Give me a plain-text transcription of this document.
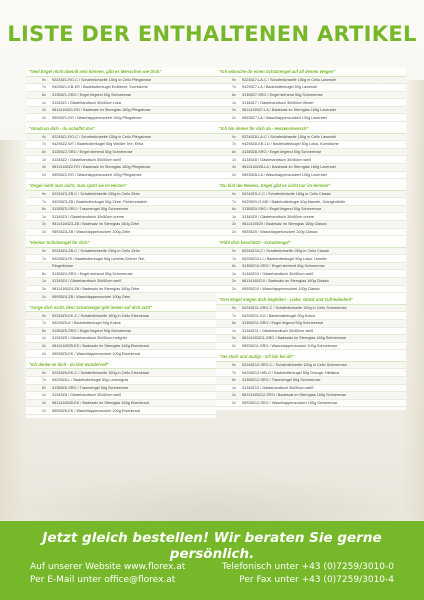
LISTE DER ENTHALTENEN ARTIKEL
"Weil Engel nicht überall sein können, gibt es Menschen wie Dich"
9x	92245Z1-RO-C / Schafmilchseife 150g in Cello Pfingstrose
7x	94295Z1-KB-ER / Badebutterkugel Erdbeere, Kornblume
8x	31355Z1-SRO / Engel liegend 50g Schneerose
1x	31345Z1 / Gästehandtuch 30x50cm rosa
3x	98114165Z1-RO / Badesalz im Sternglas 160g Pfingstrose
2x	95935Z1-RO / Waschlappenzuckerl 100g Pfingstrose
"Glaub an dich - du schaffst das"
9x	92245Z1-RO-C / Schafmilchseife 150g in Cello Pfingstrose
7x	94295Z2-WT / Badebutterkugel 50g Weißer Tee, Erika
8x	31355Z2-SRO / Engel stehend 50g Schneerose
1x	31345Z2 / Gästehandtuch 30x50cm weiß
3x	98114165Z2-RO / Badesalz im Sternglas 160g Pfingstrose
2x	95935Z2-RO / Waschlappenzuckerl 100g Pfingstrose
"Engel sieht man nicht, man spürt sie im Herzen"
9x	92245Z3-ZB-C / Schafmilchseife 150g in Cello Zirbe
7x	94295Z3-ZB / Badebutterkugel 50g Zirbe, Fichtennadeln
8x	31355Z3-SRO / Traumengel 50g Schneerose
1x	31345Z3 / Gästehandtuch 30x50cm creme
3x	98114165Z3-ZB / Badesalz im Sternglas 160g Zirbe
2x	95935Z3-ZB / Waschlappenzuckerl 100g Zirbe
"Kleiner Schutzengel für dich"
9x	92245Z4-ZB-C / Schafmilchseife 150g in Cello Zirbe
7x	94295Z4-RI / Badebutterkugel 50g Limette-Grüner Tee,
Ringelblume
8x	31355Z4-SRO / Engel stehend 50g Schneerose
1x	31345Z4 / Gästehandtuch 30x50cm weiß
3x	98114165Z4-ZB / Badesalz im Sternglas 160g Zirbe
2x	95935Z4-ZB / Waschlappenzuckerl 100g Zirbe
"Sorge dich nicht, dein Schutzengel gibt immer auf dich acht"
9x	92245Z5-EK-C / Schafmilchseife 150g in Cello Eisenkraut
7x	94295Z5-K / Badebutterkugel 50g Kokos
8x	31355Z5-SRO / Engel liegend 50g Schneerose
1x	31345Z5 / Gästehandtuch 30x50cm hellgrün
3x	98114165Z5-EK / Badesalz im Sternglas 160g Eisenkraut
2x	95935Z5-EK / Waschlappenzuckerl 100g Eisenkraut
"Ich denke an dich - du bist wundervoll"
9x	92245Z6-EK-C / Schafmilchseife 150g in Cello Eisenkraut
7x	94295Z6-L / Badebutterkugel 50g Lemongras
8x	31355Z6-SRO / Traumengel 50g Schneerose
1x	31345Z6 / Gästehandtuch 30x50cm weiß
3x	98114165Z6-EK / Badesalz im Sternglas 160g Eisenkraut
2x	95935Z6-EK / Waschlappenzuckerl 100g Eisenkraut
"Ich wünsche dir einen Schutzengel auf all deinen Wegen"
9x	92245Z7-LA-C / Schafmilchseife 150g in Cello Lavendel
7x	94295Z7-LA / Badebutterkugel 50g Lavendel
8x	31355Z7-SRO / Engel stehend 50g Schneerose
1x	31345Z7 / Gästehandtuch 30x50cm flieder
3x	98114165Z7-LA / Badesalz im Sternglas 160g Lavendel
2x	95935Z7-LA / Waschlappenzuckerl 100g Lavendel
"Ich bin immer für dich da - Herzensmensch"
9x	92245Z8-LA-C / Schafmilchseife 150g in Cello Lavendel
7x	94295Z8-KB-LO / Badebutterkugel 50g Lotus, Kornblume
8x	31355Z8-SRO / Engel liegend 50g Schneerose
1x	31345Z8 / Gästehandtuch 30x50cm weiß
3x	98114165Z8-LA / Badesalz im Sternglas 160g Lavendel
2x	95935Z8-LA / Waschlappenzuckerl 100g Lavendel
"Du bist der Beweis, Engel gibt es nicht nur im Himmel"
9x	92245Z9-C-C / Schafmilchseife 150g in Cello Classic
7x	94295Z9-O-MD / Badebutterkugel 50g Mandel, Orangenblüte
8x	31355Z9-SRO / Engel liegend 50g Schneerose
1x	31345Z9 / Gästehandtuch 30x50cm creme
3x	98114165Z9 / Badesalz im Sternglas 160g Classic
2x	95935Z9 / Waschlappenzuckerl 100g Classic
"Fühl dich beschützt - Schutzengel"
9x	92245Z10-C / Schafmilchseife 150g in Cello Classic
7x	94295Z10-LI / Badebutterkugel 50g Lotus, Limette
8x	31355Z10-SRO / Engel stehend 50g Schneerose
1x	31345Z10 / Gästehandtuch 30x50cm weiß
3x	98114165Z10 / Badesalz im Sternglas 160g Classic
2x	95935Z10 / Waschlappenzuckerl 100g Classic
"Drei Engel mögen dich begleiten - Liebe, Glück und Zufriedenheit"
9x	92245Z11-SRO-C / Schafmilchseife 150g in Cello Schneerose
7x	94295Z11-KO / Badebutterkugel 50g Kokos
8x	31355Z11-SRO / Engel liegend 50g Schneerose
1x	31345Z11 / Gästehandtuch 30x50cm weiß
3x	98114165Z11-SRO / Badesalz im Sternglas 160g Schneerose
2x	95935Z11-SRO / Waschlappenzuckerl 100g Schneerose
"Sei stark und mutig! - Ich bin bei dir"
9x	92245Z12-SRO-C / Schafmilchseife 150g in Cello Schneerose
7x	94295Z12-HIB-O / Badebutterkugel 50g Orange, Hibiskus
8x	31355Z12-SRO / Traumengel 50g Schneerose
1x	31345Z12 / Gästehandtuch 30x50cm weiß
3x	98114165Z12-SRO / Badesalz im Sternglas 160g Schneerose
2x	95935Z12-SRO / Waschlappenzuckerl 100g Schneerose
Jetzt gleich bestellen! Wir beraten Sie gerne persönlich.
Auf unserer Website www.florex.at
Per E-Mail unter office@florex.at
Telefonisch unter +43 (0)7259/3010-0
Per Fax unter +43 (0)7259/3010-4
